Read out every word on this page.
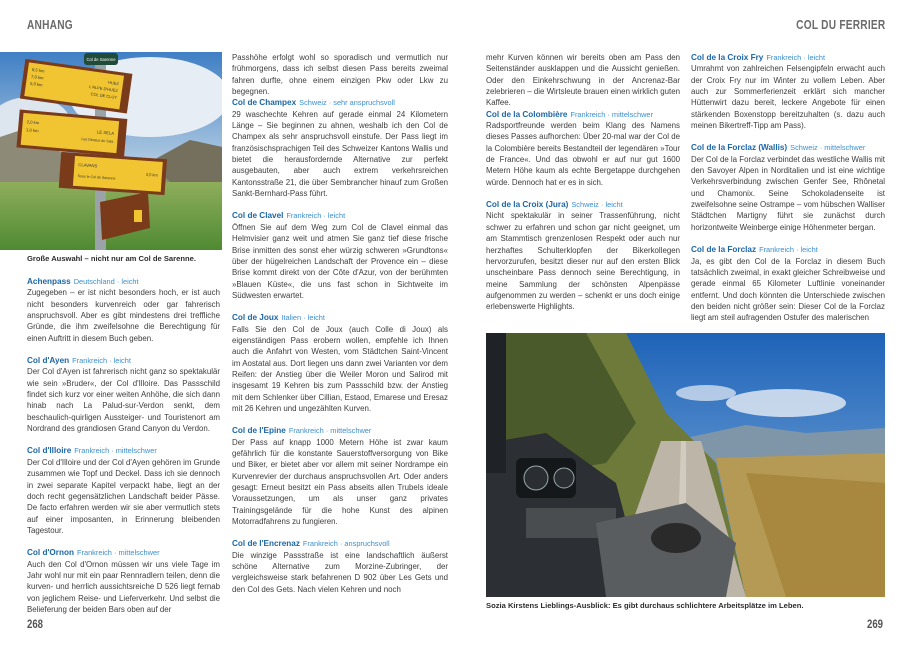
ANHANG	COL DU FERRIER
8,5 km
7,0 km
5,0 km	HUEZ
L'ALPE D'HUEZ
COL DE CLUY
2,0 km
1,0 km	LE SELA
Les Dessus du Sela
CLAVANS
Sous le Col de Sarenne	3,5 km
Col de Sarenne
Große Auswahl – nicht nur am Col de Sarenne.
Achenpass Deutschland · leicht

Zugegeben – er ist nicht besonders hoch, er ist auch nicht besonders kurvenreich oder gar fahrerisch anspruchsvoll. Aber es gibt mindestens drei treffliche Gründe, die ihm zweifelsohne die Berechtigung für einen Auftritt in diesem Buch geben.

Col d'Ayen Frankreich · leicht

Der Col d'Ayen ist fahrerisch nicht ganz so spektakulär wie sein »Bruder«, der Col d'Illoire. Das Passschild findet sich kurz vor einer weiten Anhöhe, die sich dann hinab nach La Palud-sur-Verdon senkt, dem beschaulich-quirligen Aussteiger- und Touristenort am Nordrand des grandiosen Grand Canyon du Verdon.

Col d'Illoire Frankreich · mittelschwer

Der Col d'Illoire und der Col d'Ayen gehören im Grunde zusammen wie Topf und Deckel. Dass ich sie dennoch in zwei separate Kapitel verpackt habe, liegt an der doch recht gegensätzlichen Landschaft beider Pässe. De facto erfahren werden wir sie aber vermutlich stets auf einer imposanten, in Erinnerung bleibenden Tagestour.

Col d'Ornon Frankreich · mittelschwer

Auch den Col d'Ornon müssen wir uns viele Tage im Jahr wohl nur mit ein paar Rennradlern teilen, denn die kurven- und herrlich aussichtsreiche D 526 liegt fernab von jeglichem Reise- und Lieferverkehr. Und selbst die Belieferung der beiden Bars oben auf der

Passhöhe erfolgt wohl so sporadisch und vermutlich nur frühmorgens, dass ich selbst diesen Pass bereits zweimal fahren durfte, ohne einem einzigen Pkw oder Lkw zu begegnen.

Col de Champex Schweiz · sehr anspruchsvoll

29 waschechte Kehren auf gerade einmal 24 Kilometern Länge – Sie beginnen zu ahnen, weshalb ich den Col de Champex als sehr anspruchsvoll einstufe. Der Pass liegt im französischsprachigen Teil des Schweizer Kantons Wallis und bietet die herausfordernde Alternative zur perfekt ausgebauten, aber auch extrem verkehrsreichen Kantonsstraße 21, die über Sembrancher hinauf zum Großen Sankt-Bernhard-Pass führt.

Col de Clavel Frankreich · leicht

Öffnen Sie auf dem Weg zum Col de Clavel einmal das Helmvisier ganz weit und atmen Sie ganz tief diese frische Brise inmitten des sonst eher würzig schweren »Grundtons« über der hügelreichen Landschaft der Provence ein – diese Brise kommt direkt von der Côte d'Azur, von der berühmten »Blauen Küste«, die uns fast schon in Sichtweite im Südwesten erwartet.

Col de Joux Italien · leicht

Falls Sie den Col de Joux (auch Colle di Joux) als eigenständigen Pass erobern wollen, empfehle ich Ihnen auch die Anfahrt von Westen, vom Städtchen Saint-Vincent im Aostatal aus. Dort liegen uns dann zwei Varianten vor dem Reifen: der Anstieg über die Weiler Moron und Salirod mit insgesamt 19 Kehren bis zum Passschild bzw. der Anstieg mit dem Schlenker über Cillian, Estaod, Emarese und Eresaz mit 26 Kehren und ungezählten Kurven.

Col de l'Epine Frankreich · mittelschwer

Der Pass auf knapp 1000 Metern Höhe ist zwar kaum gefährlich für die konstante Sauerstoffversorgung von Bike und Biker, er bietet aber vor allem mit seiner Nordrampe ein Kurvenrevier der durchaus anspruchsvollen Art. Oder anders gesagt: Erneut besitzt ein Pass abseits allen Trubels ideale Voraussetzungen, um als unser ganz privates Trainingsgelände für die hohe Kunst des alpinen Motorradfahrens zu fungieren.

Col de l'Encrenaz Frankreich · anspruchsvoll

Die winzige Passstraße ist eine landschaftlich äußerst schöne Alternative zum Morzine-Zubringer, der vergleichsweise stark befahrenen D 902 über Les Gets und den Col des Gets. Nach vielen Kehren und noch

mehr Kurven können wir bereits oben am Pass den Seitenständer ausklappen und die Aussicht genießen. Oder den Einkehrschwung in der Ancrenaz-Bar zelebrieren – die Wirtsleute brauen einen wirklich guten Kaffee.

Col de la Colombière Frankreich · mittelschwer

Radsportfreunde werden beim Klang des Namens dieses Passes aufhorchen: Über 20-mal war der Col de la Colombière bereits Bestandteil der legendären »Tour de France«. Und das obwohl er auf nur gut 1600 Metern Höhe kaum als echte Bergetappe durchgehen würde. Dennoch hat er es in sich.

Col de la Croix (Jura) Schweiz · leicht

Nicht spektakulär in seiner Trassenführung, nicht schwer zu erfahren und schon gar nicht geeignet, um am Stammtisch grenzenlosen Respekt oder auch nur herzhaftes Schulterklopfen der Bikerkollegen hervorzurufen, besitzt dieser nur auf den ersten Blick unscheinbare Pass dennoch seine Berechtigung, in meine Sammlung der schönsten Alpenpässe aufgenommen zu werden – schenkt er uns doch einige erlebenswerte Highlights.

Col de la Croix Fry Frankreich · leicht

Umrahmt von zahlreichen Felsengipfeln erwacht auch der Croix Fry nur im Winter zu vollem Leben. Aber auch zur Sommerferienzeit erklärt sich mancher Hüttenwirt dazu bereit, leckere Angebote für einen stärkenden Boxenstopp bereitzuhalten (s. dazu auch meinen Bikertreff-Tipp am Pass).

Col de la Forclaz (Wallis) Schweiz · mittelschwer

Der Col de la Forclaz verbindet das westliche Wallis mit den Savoyer Alpen in Norditalien und ist eine wichtige Verkehrsverbindung zwischen Genfer See, Rhônetal und Chamonix. Seine Schokoladenseite ist zweifelsohne seine Ostrampe – vom hübschen Walliser Städtchen Martigny führt sie zunächst durch horizontweite Weinberge einige Höhenmeter bergan.

Col de la Forclaz Frankreich · leicht

Ja, es gibt den Col de la Forclaz in diesem Buch tatsächlich zweimal, in exakt gleicher Schreibweise und gerade einmal 65 Kilometer Luftlinie voneinander entfernt. Und doch könnten die Unterschiede zwischen den beiden nicht größer sein: Dieser Col de la Forclaz liegt am steil aufragenden Ostufer des malerischen

Sozia Kirstens Lieblings-Ausblick: Es gibt durchaus schlichtere Arbeitsplätze im Leben.
268	269
